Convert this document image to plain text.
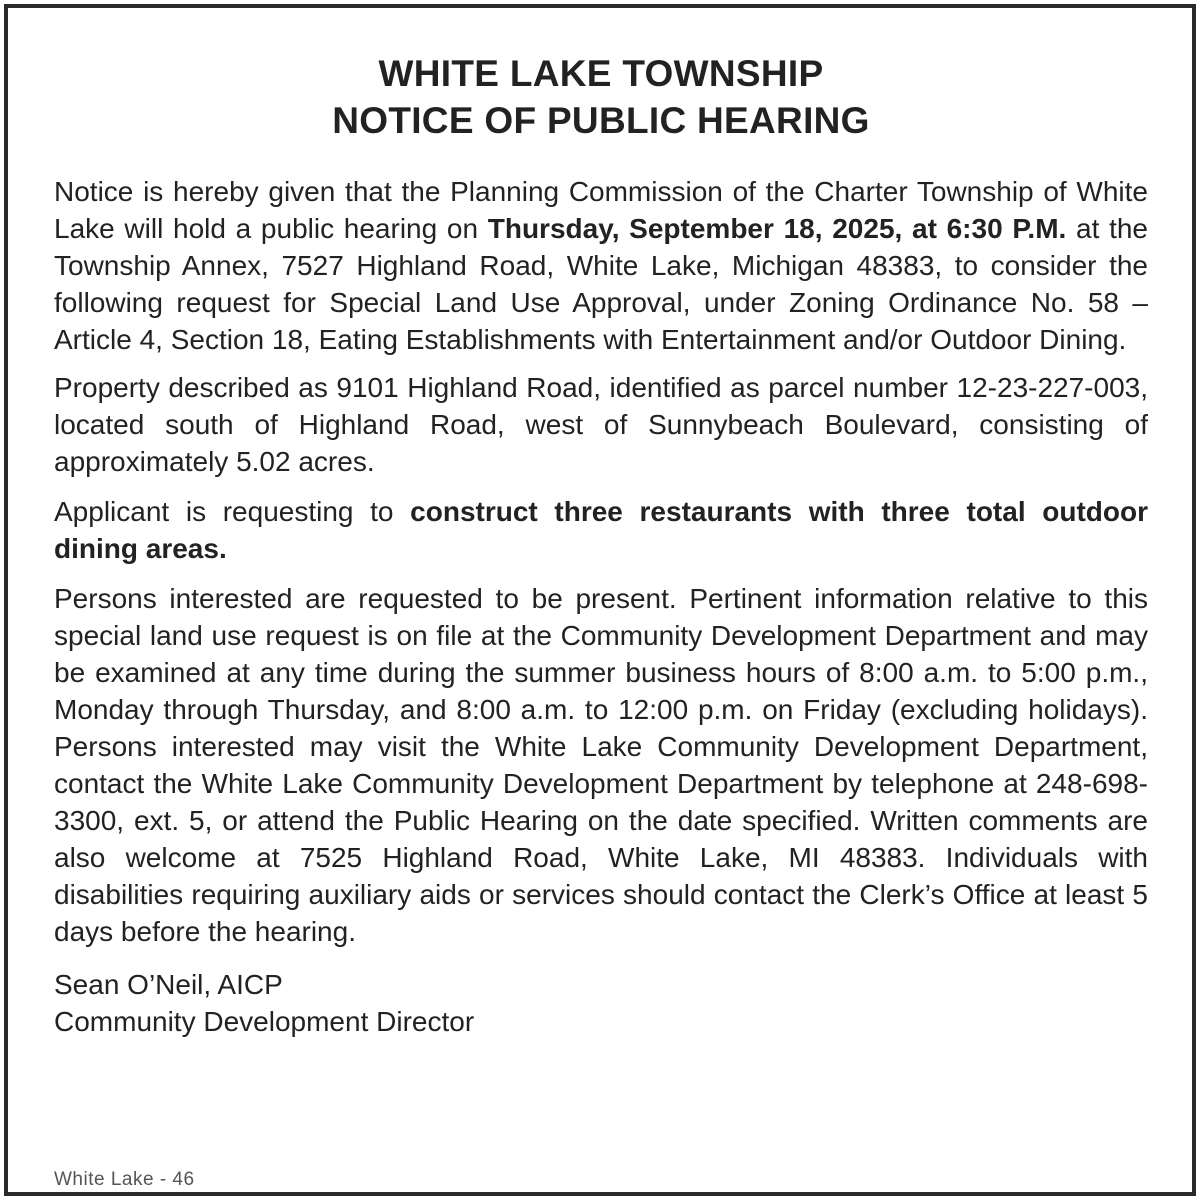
WHITE LAKE TOWNSHIP
NOTICE OF PUBLIC HEARING

Notice is hereby given that the Planning Commission of the Charter Township of White Lake will hold a public hearing on Thursday, September 18, 2025, at 6:30 P.M. at the Township Annex, 7527 Highland Road, White Lake, Michigan 48383, to consider the following request for Special Land Use Approval, under Zoning Ordinance No. 58 – Article 4, Section 18, Eating Establishments with Entertainment and/or Outdoor Dining.

Property described as 9101 Highland Road, identified as parcel number 12-23-227-003, located south of Highland Road, west of Sunnybeach Boulevard, consisting of approximately 5.02 acres.

Applicant is requesting to construct three restaurants with three total outdoor dining areas.

Persons interested are requested to be present. Pertinent information relative to this special land use request is on file at the Community Development Department and may be examined at any time during the summer business hours of 8:00 a.m. to 5:00 p.m., Monday through Thursday, and 8:00 a.m. to 12:00 p.m. on Friday (excluding holidays). Persons interested may visit the White Lake Community Development Department, contact the White Lake Community Development Department by telephone at 248-698-3300, ext. 5, or attend the Public Hearing on the date specified. Written comments are also welcome at 7525 Highland Road, White Lake, MI 48383. Individuals with disabilities requiring auxiliary aids or services should contact the Clerk’s Office at least 5 days before the hearing.

Sean O’Neil, AICP

Community Development Director

White Lake - 46
